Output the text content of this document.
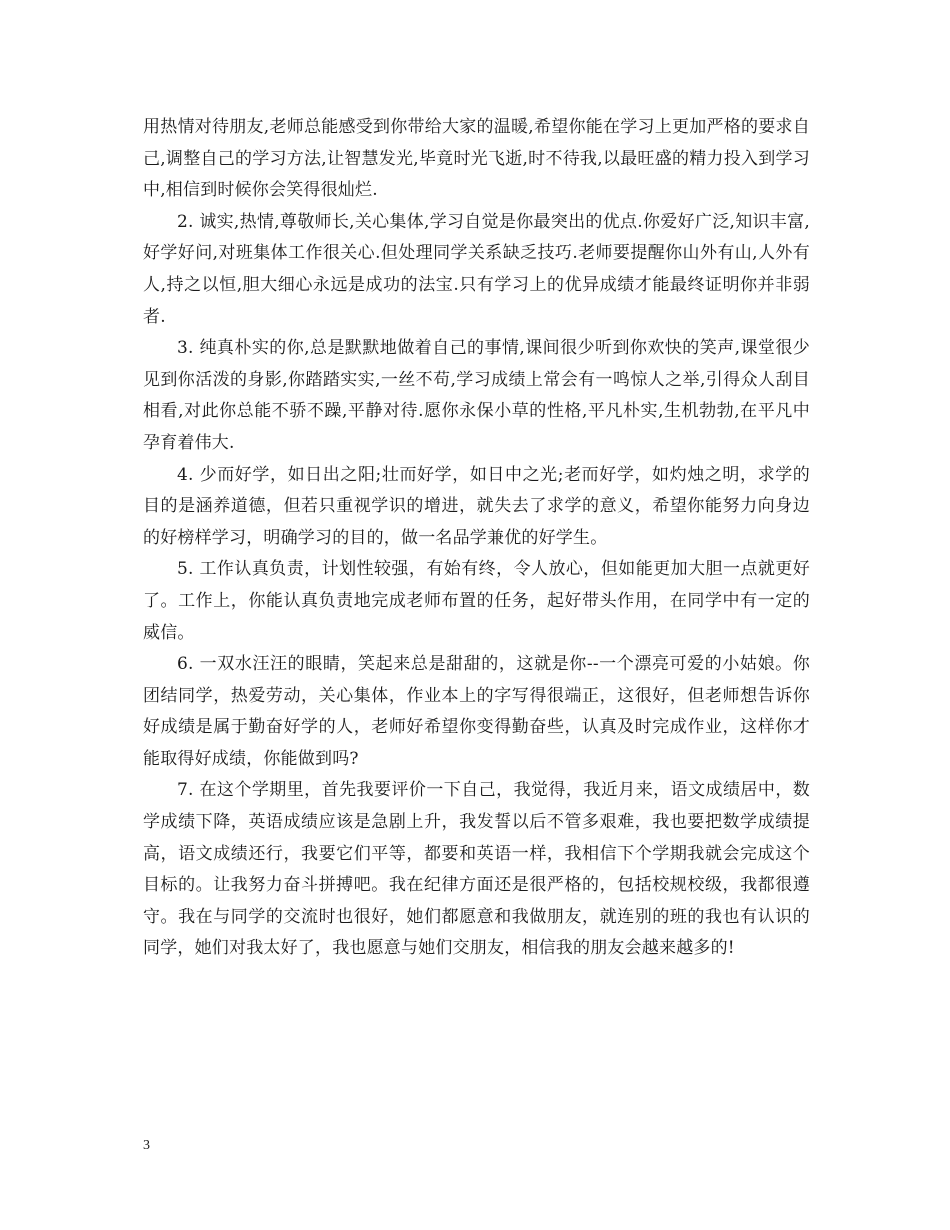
用热情对待朋友,老师总能感受到你带给大家的温暖,希望你能在学习上更加严格的要求自己,调整自己的学习方法,让智慧发光,毕竟时光飞逝,时不待我,以最旺盛的精力投入到学习中,相信到时候你会笑得很灿烂.

2. 诚实,热情,尊敬师长,关心集体,学习自觉是你最突出的优点.你爱好广泛,知识丰富,好学好问,对班集体工作很关心.但处理同学关系缺乏技巧.老师要提醒你山外有山,人外有人,持之以恒,胆大细心永远是成功的法宝.只有学习上的优异成绩才能最终证明你并非弱者.

3. 纯真朴实的你,总是默默地做着自己的事情,课间很少听到你欢快的笑声,课堂很少见到你活泼的身影,你踏踏实实,一丝不苟,学习成绩上常会有一鸣惊人之举,引得众人刮目相看,对此你总能不骄不躁,平静对待.愿你永保小草的性格,平凡朴实,生机勃勃,在平凡中孕育着伟大.

4. 少而好学，如日出之阳;壮而好学，如日中之光;老而好学，如灼烛之明，求学的目的是涵养道德，但若只重视学识的增进，就失去了求学的意义，希望你能努力向身边的好榜样学习，明确学习的目的，做一名品学兼优的好学生。

5. 工作认真负责，计划性较强，有始有终，令人放心，但如能更加大胆一点就更好了。工作上，你能认真负责地完成老师布置的任务，起好带头作用，在同学中有一定的威信。

6. 一双水汪汪的眼睛，笑起来总是甜甜的，这就是你--一个漂亮可爱的小姑娘。你团结同学，热爱劳动，关心集体，作业本上的字写得很端正，这很好，但老师想告诉你好成绩是属于勤奋好学的人，老师好希望你变得勤奋些，认真及时完成作业，这样你才能取得好成绩，你能做到吗?

7. 在这个学期里，首先我要评价一下自己，我觉得，我近月来，语文成绩居中，数学成绩下降，英语成绩应该是急剧上升，我发誓以后不管多艰难，我也要把数学成绩提高，语文成绩还行，我要它们平等，都要和英语一样，我相信下个学期我就会完成这个目标的。让我努力奋斗拼搏吧。我在纪律方面还是很严格的，包括校规校级，我都很遵守。我在与同学的交流时也很好，她们都愿意和我做朋友，就连别的班的我也有认识的同学，她们对我太好了，我也愿意与她们交朋友，相信我的朋友会越来越多的!

3
